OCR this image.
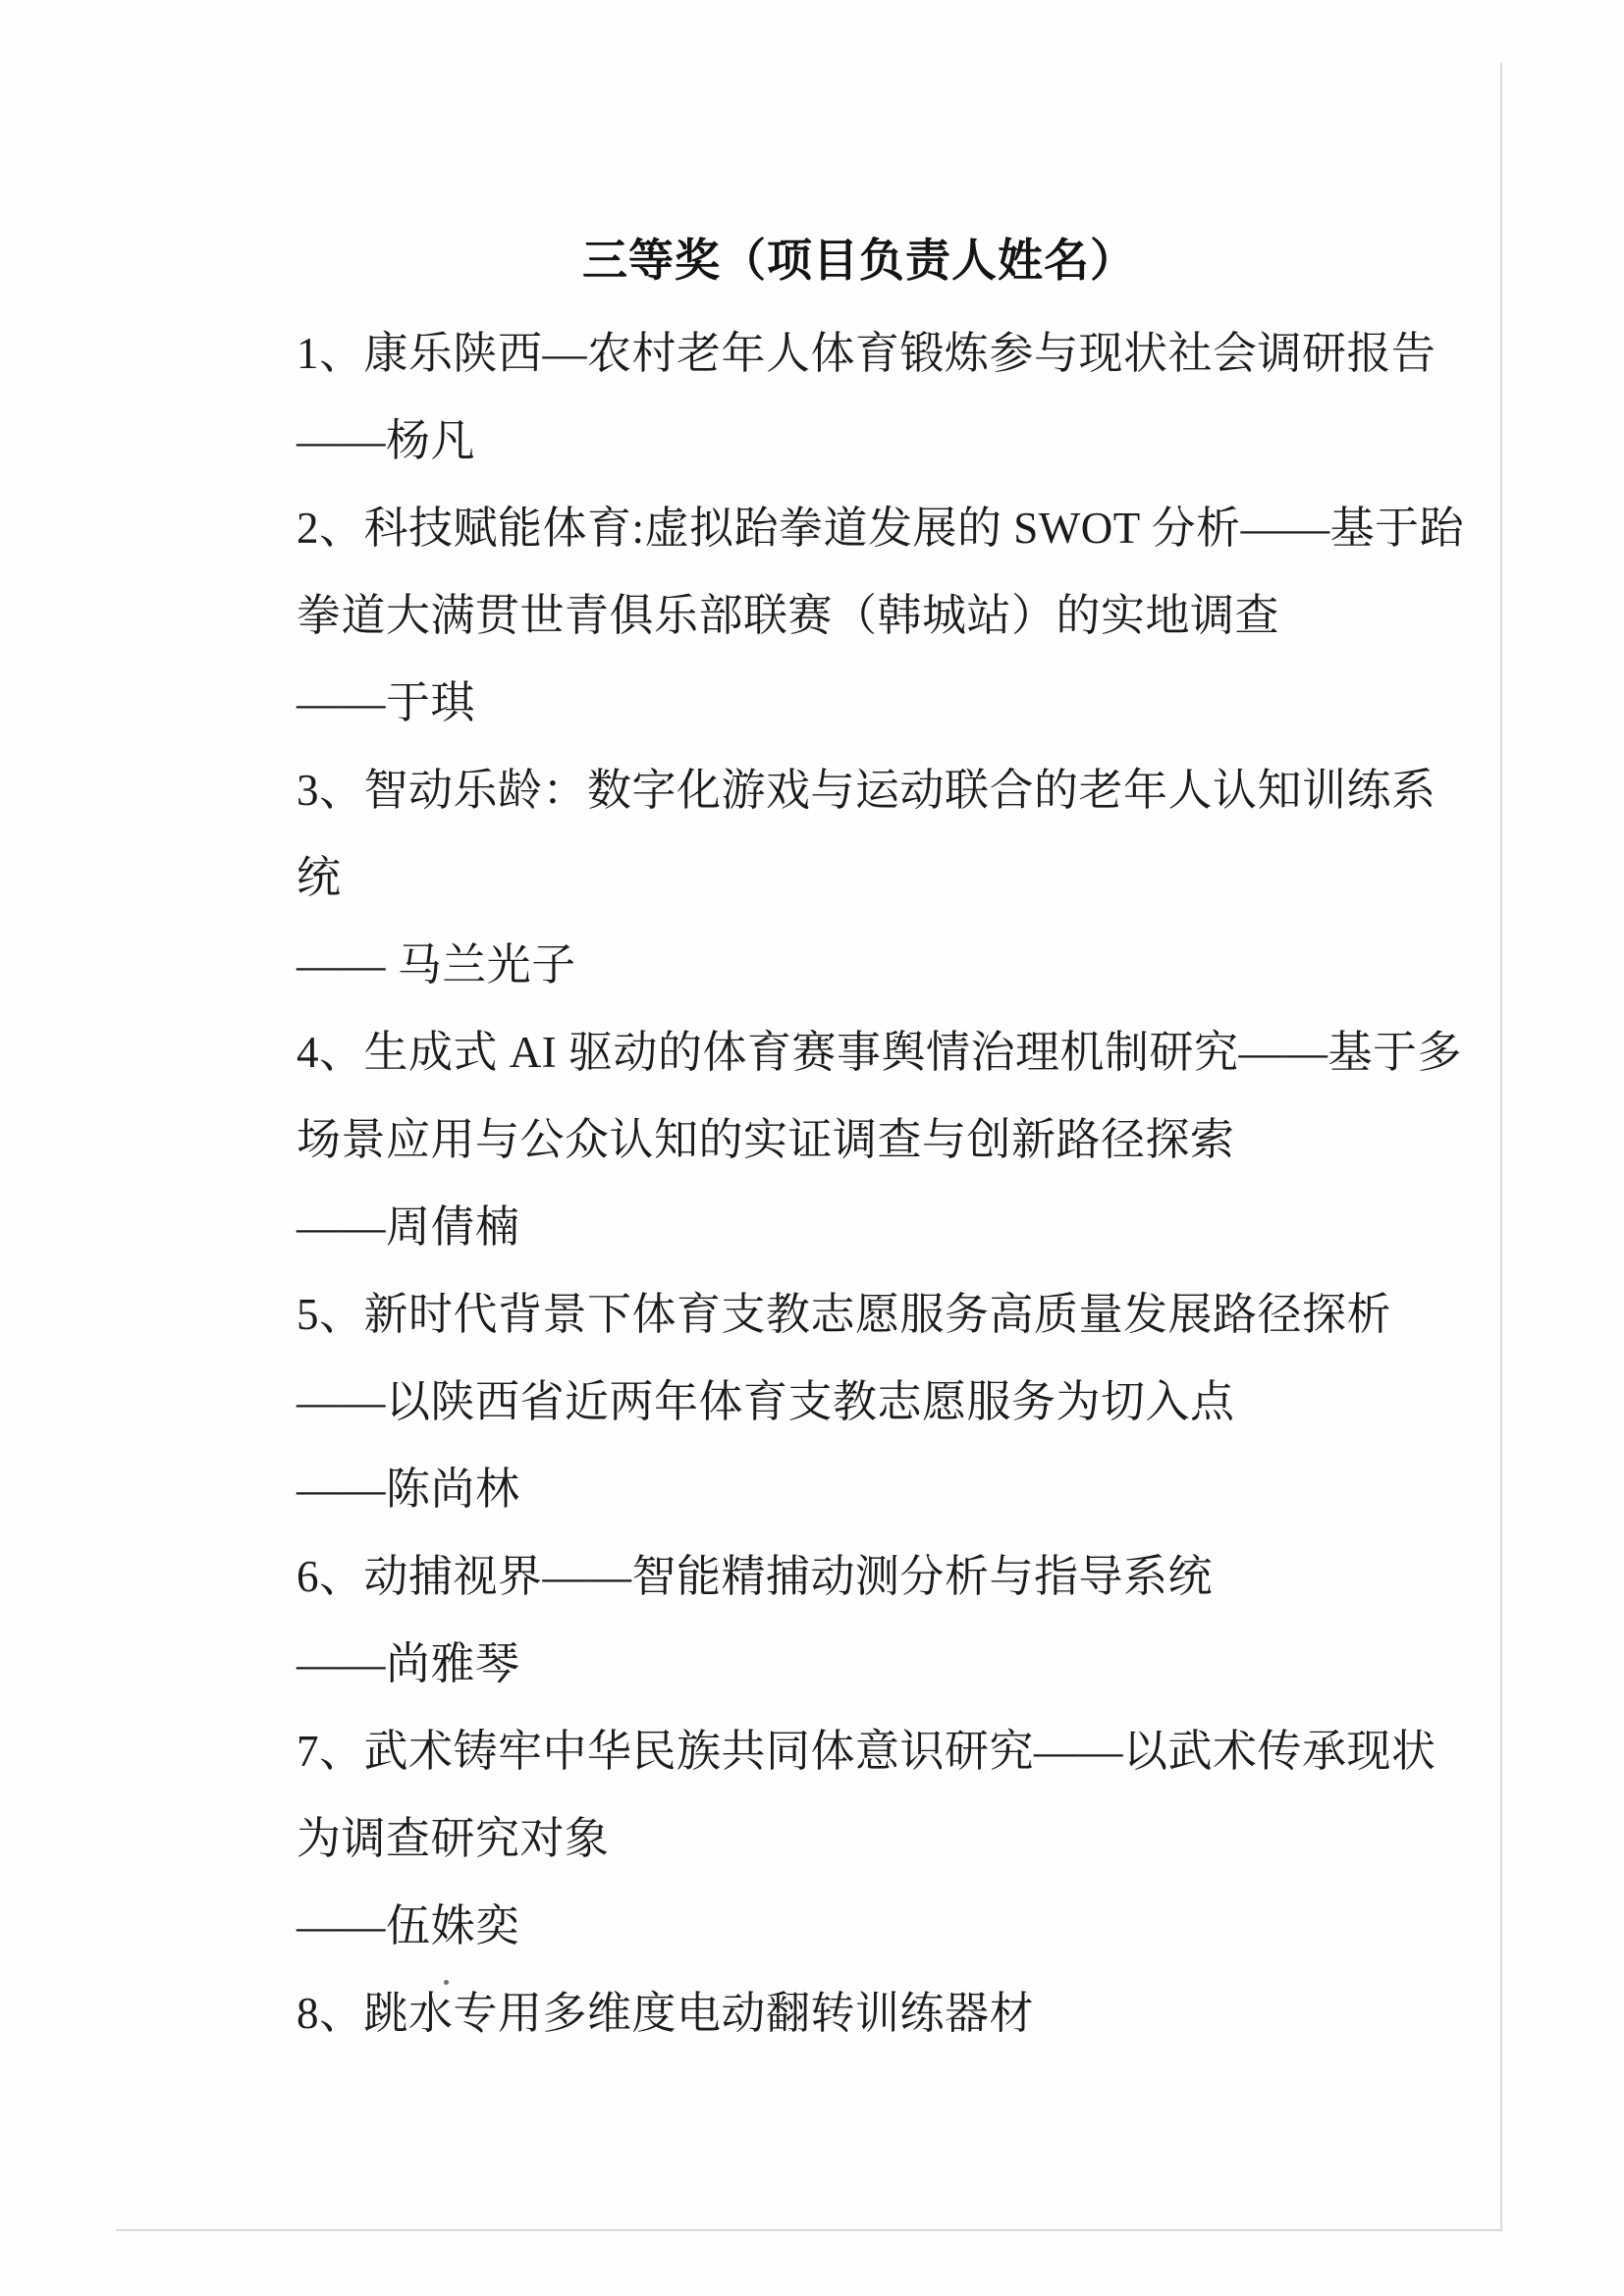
三等奖（项目负责人姓名）
1、康乐陕西—农村老年人体育锻炼参与现状社会调研报告
——杨凡
2、科技赋能体育:虚拟跆拳道发展的 SWOT 分析——基于跆
拳道大满贯世青俱乐部联赛（韩城站）的实地调查
——于琪
3、智动乐龄：数字化游戏与运动联合的老年人认知训练系
统
—— 马兰光子
4、生成式 AI 驱动的体育赛事舆情治理机制研究——基于多
场景应用与公众认知的实证调查与创新路径探索
——周倩楠
5、新时代背景下体育支教志愿服务高质量发展路径探析
——以陕西省近两年体育支教志愿服务为切入点
——陈尚林
6、动捕视界——智能精捕动测分析与指导系统
——尚雅琴
7、武术铸牢中华民族共同体意识研究——以武术传承现状
为调查研究对象
——伍姝奕
8、跳水专用多维度电动翻转训练器材
